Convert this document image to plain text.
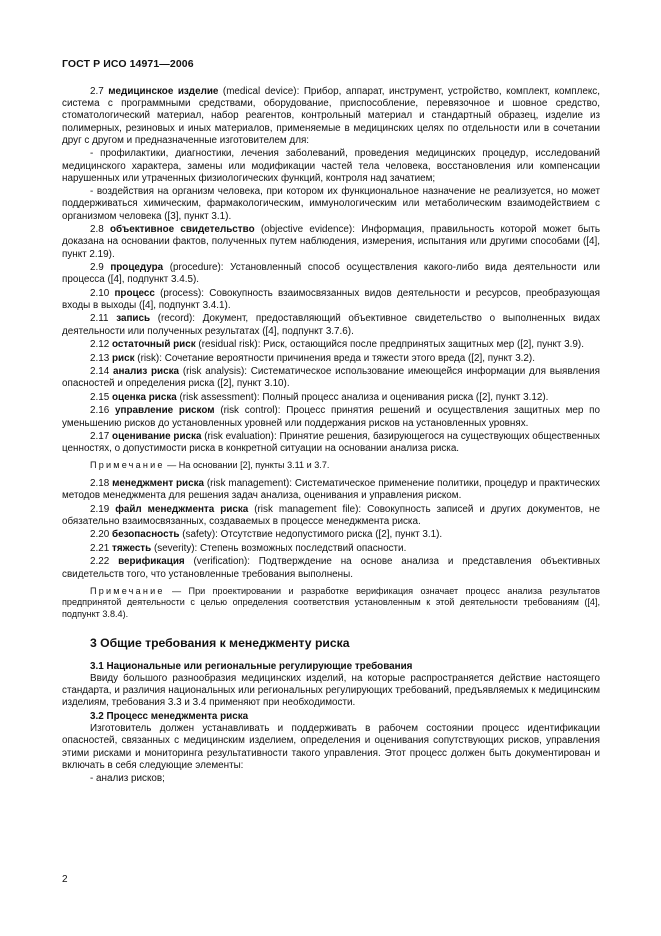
ГОСТ Р ИСО 14971—2006

2.7 медицинское изделие (medical device): Прибор, аппарат, инструмент, устройство, комплект, комплекс, система с программными средствами, оборудование, приспособление, перевязочное и шовное средство, стоматологический материал, набор реагентов, контрольный материал и стандартный образец, изделие из полимерных, резиновых и иных материалов, применяемые в медицинских целях по отдельности или в сочетании друг с другом и предназначенные изготовителем для:

- профилактики, диагностики, лечения заболеваний, проведения медицинских процедур, исследований медицинского характера, замены или модификации частей тела человека, восстановления или компенсации нарушенных или утраченных физиологических функций, контроля над зачатием;

- воздействия на организм человека, при котором их функциональное назначение не реализуется, но может поддерживаться химическим, фармакологическим, иммунологическим или метаболическим взаимодействием с организмом человека ([3], пункт 3.1).

2.8 объективное свидетельство (objective evidence): Информация, правильность которой может быть доказана на основании фактов, полученных путем наблюдения, измерения, испытания или другими способами ([4], пункт 2.19).

2.9 процедура (procedure): Установленный способ осуществления какого-либо вида деятельности или процесса ([4], подпункт 3.4.5).

2.10 процесс (process): Совокупность взаимосвязанных видов деятельности и ресурсов, преобразующая входы в выходы ([4], подпункт 3.4.1).

2.11 запись (record): Документ, предоставляющий объективное свидетельство о выполненных видах деятельности или полученных результатах ([4], подпункт 3.7.6).

2.12 остаточный риск (residual risk): Риск, остающийся после предпринятых защитных мер ([2], пункт 3.9).

2.13 риск (risk): Сочетание вероятности причинения вреда и тяжести этого вреда ([2], пункт 3.2).

2.14 анализ риска (risk analysis): Систематическое использование имеющейся информации для выявления опасностей и определения риска ([2], пункт 3.10).

2.15 оценка риска (risk assessment): Полный процесс анализа и оценивания риска ([2], пункт 3.12).

2.16 управление риском (risk control): Процесс принятия решений и осуществления защитных мер по уменьшению рисков до установленных уровней или поддержания рисков на установленных уровнях.

2.17 оценивание риска (risk evaluation): Принятие решения, базирующегося на существующих общественных ценностях, о допустимости риска в конкретной ситуации на основании анализа риска.

Примечание — На основании [2], пункты 3.11 и 3.7.

2.18 менеджмент риска (risk management): Систематическое применение политики, процедур и практических методов менеджмента для решения задач анализа, оценивания и управления риском.

2.19 файл менеджмента риска (risk management file): Совокупность записей и других документов, не обязательно взаимосвязанных, создаваемых в процессе менеджмента риска.

2.20 безопасность (safety): Отсутствие недопустимого риска ([2], пункт 3.1).

2.21 тяжесть (severity): Степень возможных последствий опасности.

2.22 верификация (verification): Подтверждение на основе анализа и представления объективных свидетельств того, что установленные требования выполнены.

Примечание — При проектировании и разработке верификация означает процесс анализа результатов предпринятой деятельности с целью определения соответствия установленным к этой деятельности требованиям ([4], подпункт 3.8.4).

3 Общие требования к менеджменту риска

3.1 Национальные или региональные регулирующие требования

Ввиду большого разнообразия медицинских изделий, на которые распространяется действие настоящего стандарта, и различия национальных или региональных регулирующих требований, предъявляемых к медицинским изделиям, требования 3.3 и 3.4 применяют при необходимости.

3.2 Процесс менеджмента риска

Изготовитель должен устанавливать и поддерживать в рабочем состоянии процесс идентификации опасностей, связанных с медицинским изделием, определения и оценивания сопутствующих рисков, управления этими рисками и мониторинга результативности такого управления. Этот процесс должен быть документирован и включать в себя следующие элементы:

- анализ рисков;

2
